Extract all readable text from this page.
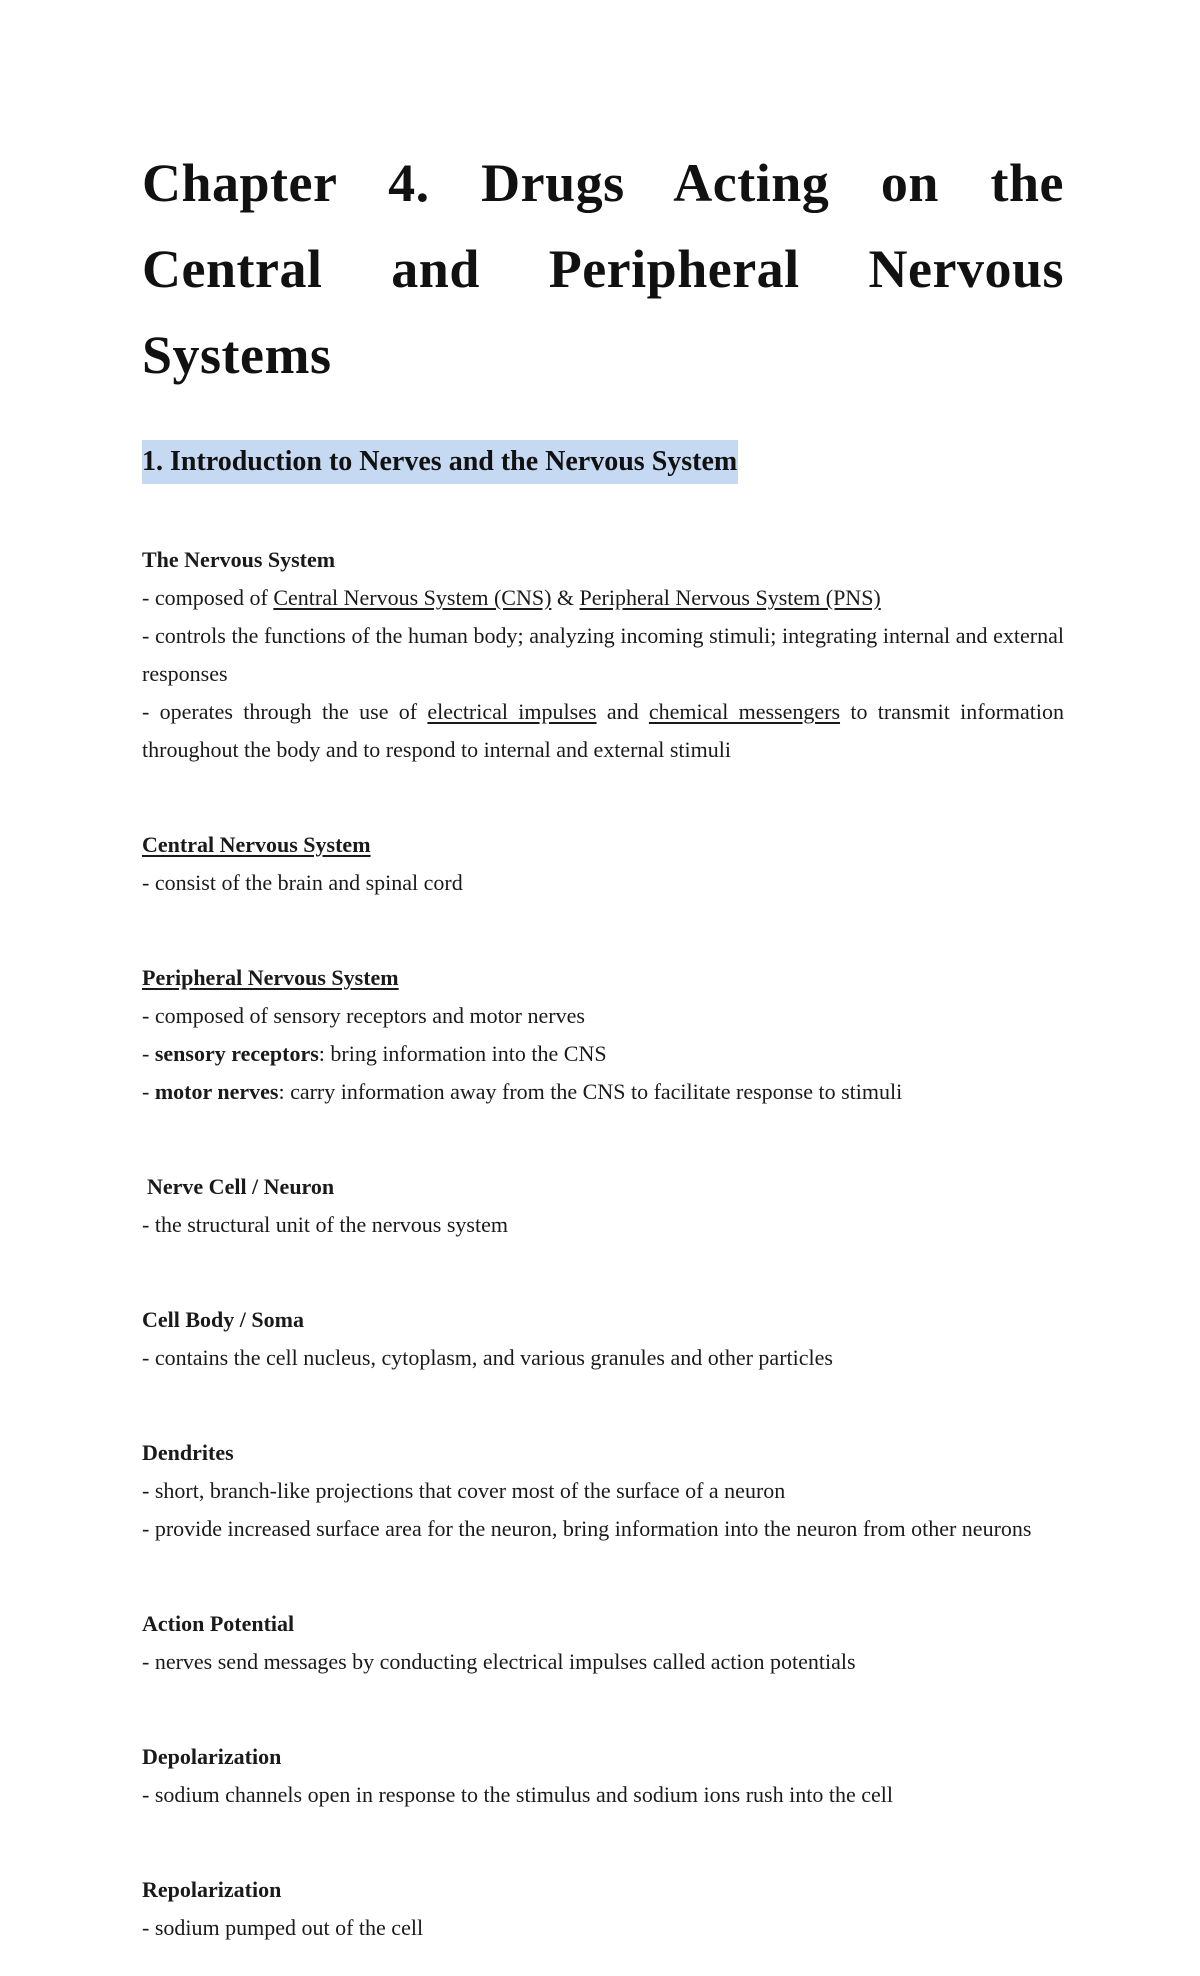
Chapter 4. Drugs Acting on the Central and Peripheral Nervous Systems
1. Introduction to Nerves and the Nervous System

The Nervous System

- composed of Central Nervous System (CNS) & Peripheral Nervous System (PNS)

- controls the functions of the human body; analyzing incoming stimuli; integrating internal and external responses

- operates through the use of electrical impulses and chemical messengers to transmit information throughout the body and to respond to internal and external stimuli

Central Nervous System

- consist of the brain and spinal cord

Peripheral Nervous System

- composed of sensory receptors and motor nerves

- sensory receptors: bring information into the CNS

- motor nerves: carry information away from the CNS to facilitate response to stimuli

Nerve Cell / Neuron

- the structural unit of the nervous system

Cell Body / Soma

- contains the cell nucleus, cytoplasm, and various granules and other particles

Dendrites

- short, branch-like projections that cover most of the surface of a neuron

- provide increased surface area for the neuron, bring information into the neuron from other neurons

Action Potential

- nerves send messages by conducting electrical impulses called action potentials

Depolarization

- sodium channels open in response to the stimulus and sodium ions rush into the cell

Repolarization

- sodium pumped out of the cell
